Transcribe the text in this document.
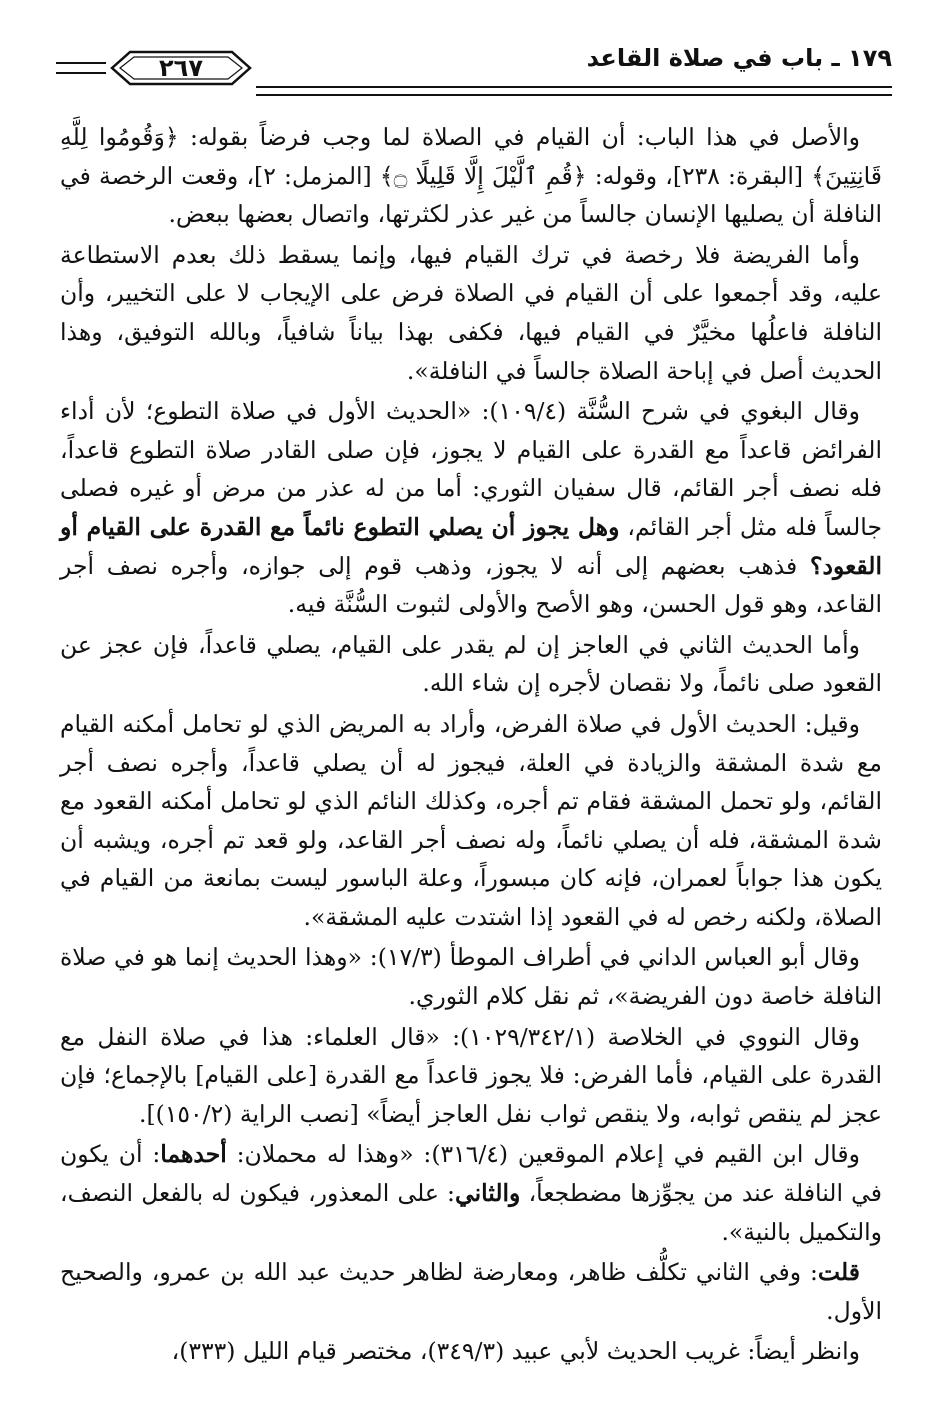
١٧٩ ـ باب في صلاة القاعد
٢٦٧

والأصل في هذا الباب: أن القيام في الصلاة لما وجب فرضاً بقوله: ﴿وَقُومُوا لِلَّهِ قَانِتِينَ﴾ [البقرة: ٢٣٨]، وقوله: ﴿قُمِ ٱلَّيْلَ إِلَّا قَلِيلًا ۝﴾ [المزمل: ٢]، وقعت الرخصة في النافلة أن يصليها الإنسان جالساً من غير عذر لكثرتها، واتصال بعضها ببعض.

وأما الفريضة فلا رخصة في ترك القيام فيها، وإنما يسقط ذلك بعدم الاستطاعة عليه، وقد أجمعوا على أن القيام في الصلاة فرض على الإيجاب لا على التخيير، وأن النافلة فاعلُها مخيَّرٌ في القيام فيها، فكفى بهذا بياناً شافياً، وبالله التوفيق، وهذا الحديث أصل في إباحة الصلاة جالساً في النافلة».

وقال البغوي في شرح السُّنَّة (١٠٩/٤): «الحديث الأول في صلاة التطوع؛ لأن أداء الفرائض قاعداً مع القدرة على القيام لا يجوز، فإن صلى القادر صلاة التطوع قاعداً، فله نصف أجر القائم، قال سفيان الثوري: أما من له عذر من مرض أو غيره فصلى جالساً فله مثل أجر القائم، وهل يجوز أن يصلي التطوع نائماً مع القدرة على القيام أو القعود؟ فذهب بعضهم إلى أنه لا يجوز، وذهب قوم إلى جوازه، وأجره نصف أجر القاعد، وهو قول الحسن، وهو الأصح والأولى لثبوت السُّنَّة فيه.

وأما الحديث الثاني في العاجز إن لم يقدر على القيام، يصلي قاعداً، فإن عجز عن القعود صلى نائماً، ولا نقصان لأجره إن شاء الله.

وقيل: الحديث الأول في صلاة الفرض، وأراد به المريض الذي لو تحامل أمكنه القيام مع شدة المشقة والزيادة في العلة، فيجوز له أن يصلي قاعداً، وأجره نصف أجر القائم، ولو تحمل المشقة فقام تم أجره، وكذلك النائم الذي لو تحامل أمكنه القعود مع شدة المشقة، فله أن يصلي نائماً، وله نصف أجر القاعد، ولو قعد تم أجره، ويشبه أن يكون هذا جواباً لعمران، فإنه كان مبسوراً، وعلة الباسور ليست بمانعة من القيام في الصلاة، ولكنه رخص له في القعود إذا اشتدت عليه المشقة».

وقال أبو العباس الداني في أطراف الموطأ (١٧/٣): «وهذا الحديث إنما هو في صلاة النافلة خاصة دون الفريضة»، ثم نقل كلام الثوري.

وقال النووي في الخلاصة (١٠٢٩/٣٤٢/١): «قال العلماء: هذا في صلاة النفل مع القدرة على القيام، فأما الفرض: فلا يجوز قاعداً مع القدرة [على القيام] بالإجماع؛ فإن عجز لم ينقص ثوابه، ولا ينقص ثواب نفل العاجز أيضاً» [نصب الراية (١٥٠/٢)].

وقال ابن القيم في إعلام الموقعين (٣١٦/٤): «وهذا له محملان: أحدهما: أن يكون في النافلة عند من يجوِّزها مضطجعاً، والثاني: على المعذور، فيكون له بالفعل النصف، والتكميل بالنية».

قلت: وفي الثاني تكلُّف ظاهر، ومعارضة لظاهر حديث عبد الله بن عمرو، والصحيح الأول.

وانظر أيضاً: غريب الحديث لأبي عبيد (٣٤٩/٣)، مختصر قيام الليل (٣٣٣)،
